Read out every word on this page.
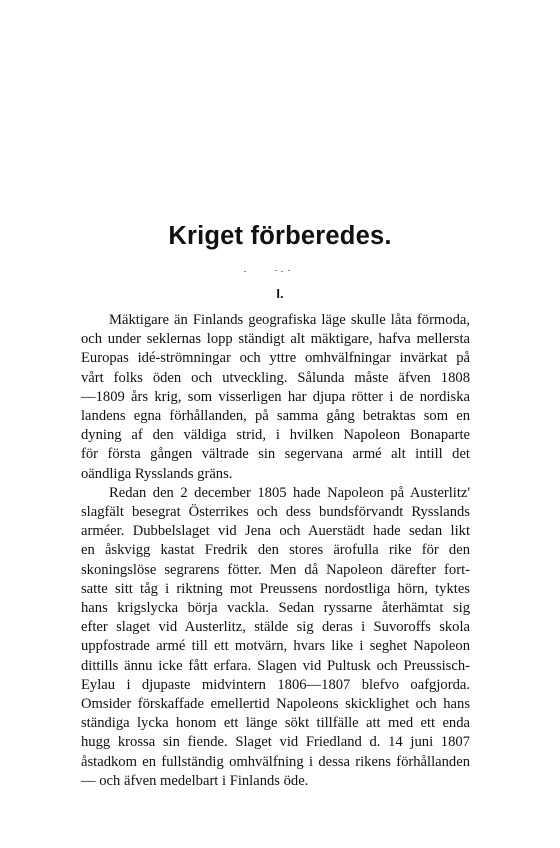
Kriget förberedes.
I.
Mäktigare än Finlands geografiska läge skulle låta förmoda,
och under seklernas lopp ständigt alt mäktigare, hafva mellersta
Europas idé-strömningar och yttre omhvälfningar invärkat på
vårt folks öden och utveckling. Sålunda måste äfven 1808
—1809 års krig, som visserligen har djupa rötter i de nordiska
landens egna förhållanden, på samma gång betraktas som en
dyning af den väldiga strid, i hvilken Napoleon Bonaparte
för första gången vältrade sin segervana armé alt intill det
oändliga Rysslands gräns.
Redan den 2 december 1805 hade Napoleon på Austerlitz'
slagfält besegrat Österrikes och dess bundsförvandt Rysslands
arméer. Dubbelslaget vid Jena och Auerstädt hade sedan likt
en åskvigg kastat Fredrik den stores ärofulla rike för den
skoningslöse segrarens fötter. Men då Napoleon därefter fort-
satte sitt tåg i riktning mot Preussens nordostliga hörn, tyktes
hans krigslycka börja vackla. Sedan ryssarne återhämtat sig
efter slaget vid Austerlitz, stälde sig deras i Suvoroffs skola
uppfostrade armé till ett motvärn, hvars like i seghet Napoleon
dittills ännu icke fått erfara. Slagen vid Pultusk och Preussisch-
Eylau i djupaste midvintern 1806—1807 blefvo oafgjorda.
Omsider förskaffade emellertid Napoleons skicklighet och hans
ständiga lycka honom ett länge sökt tillfälle att med ett enda
hugg krossa sin fiende. Slaget vid Friedland d. 14 juni 1807
åstadkom en fullständig omhvälfning i dessa rikens förhållanden
— och äfven medelbart i Finlands öde.
